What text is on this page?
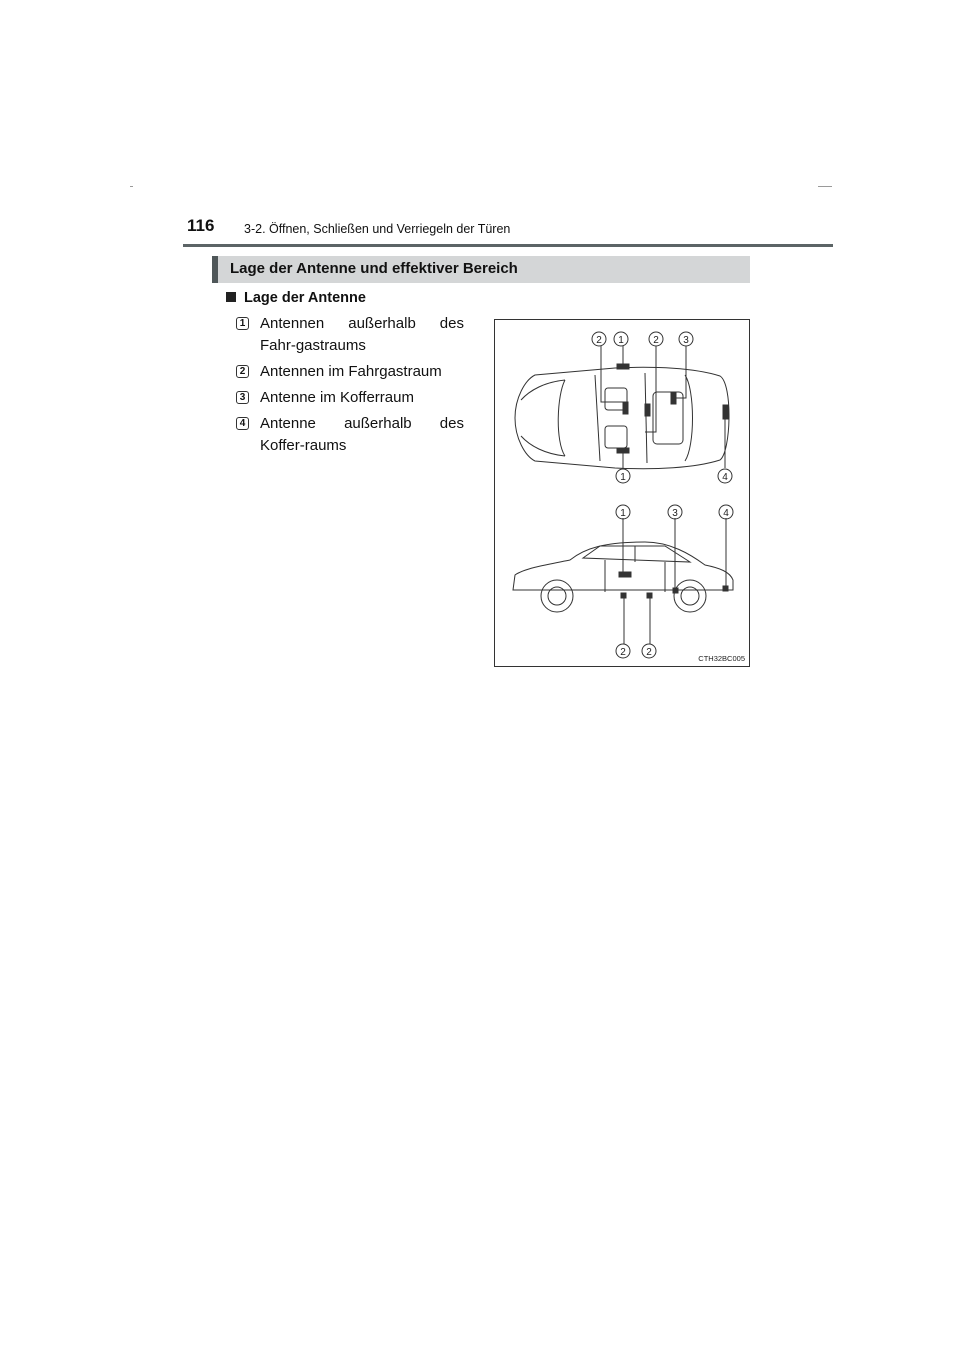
116 3-2. Öffnen, Schließen und Verriegeln der Türen
Lage der Antenne und effektiver Bereich
Lage der Antenne
1 Antennen außerhalb des Fahr-gastraums
2 Antennen im Fahrgastraum
3 Antenne im Kofferraum
4 Antenne außerhalb des Koffer-raums
2 1	2 3
1	4
1	3	4
2 2
CTH32BC005
